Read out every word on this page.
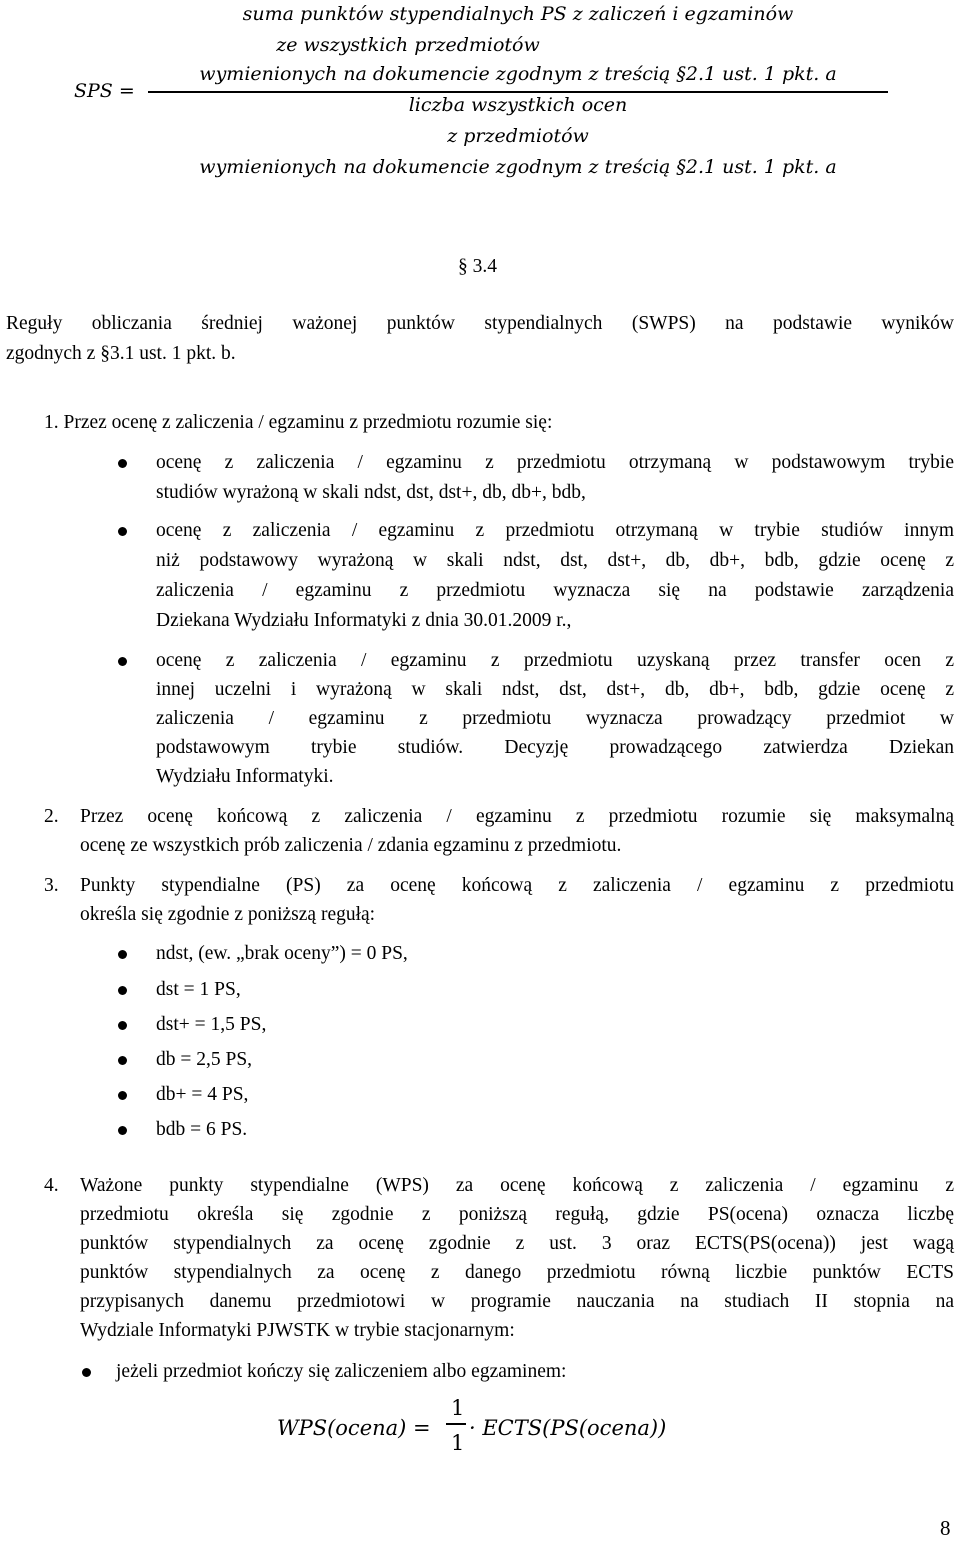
SPS =
suma punktów stypendialnych PS z zaliczeń i egzaminów
ze wszystkich przedmiotów
wymienionych na dokumencie zgodnym z treścią §2.1 ust. 1 pkt. a
liczba wszystkich ocen
z przedmiotów
wymienionych na dokumencie zgodnym z treścią §2.1 ust. 1 pkt. a
§ 3.4
Reguły obliczania średniej ważonej punktów stypendialnych (SWPS) na podstawie wyników
zgodnych z §3.1 ust. 1 pkt. b.
1. Przez ocenę z zaliczenia / egzaminu z przedmiotu rozumie się:
ocenę z zaliczenia / egzaminu z przedmiotu otrzymaną w podstawowym trybie
studiów wyrażoną w skali ndst, dst, dst+, db, db+, bdb,
ocenę z zaliczenia / egzaminu z przedmiotu otrzymaną w trybie studiów innym
niż podstawowy wyrażoną w skali ndst, dst, dst+, db, db+, bdb, gdzie ocenę z
zaliczenia / egzaminu z przedmiotu wyznacza się na podstawie zarządzenia
Dziekana Wydziału Informatyki z dnia 30.01.2009 r.,
ocenę z zaliczenia / egzaminu z przedmiotu uzyskaną przez transfer ocen z
innej uczelni i wyrażoną w skali ndst, dst, dst+, db, db+, bdb, gdzie ocenę z
zaliczenia / egzaminu z przedmiotu wyznacza prowadzący przedmiot w
podstawowym trybie studiów. Decyzję prowadzącego zatwierdza Dziekan
Wydziału Informatyki.
2. Przez ocenę końcową z zaliczenia / egzaminu z przedmiotu rozumie się maksymalną
ocenę ze wszystkich prób zaliczenia / zdania egzaminu z przedmiotu.
3. Punkty stypendialne (PS) za ocenę końcową z zaliczenia / egzaminu z przedmiotu
określa się zgodnie z poniższą regułą:
ndst, (ew. „brak oceny”) = 0 PS,
dst = 1 PS,
dst+ = 1,5 PS,
db = 2,5 PS,
db+ = 4 PS,
bdb = 6 PS.
4. Ważone punkty stypendialne (WPS) za ocenę końcową z zaliczenia / egzaminu z
przedmiotu określa się zgodnie z poniższą regułą, gdzie PS(ocena) oznacza liczbę
punktów stypendialnych za ocenę zgodnie z ust. 3 oraz ECTS(PS(ocena)) jest wagą
punktów stypendialnych za ocenę z danego przedmiotu równą liczbie punktów ECTS
przypisanych danemu przedmiotowi w programie nauczania na studiach II stopnia na
Wydziale Informatyki PJWSTK w trybie stacjonarnym:
jeżeli przedmiot kończy się zaliczeniem albo egzaminem:
WPS(ocena) =
1
1
· ECTS(PS(ocena))
8
